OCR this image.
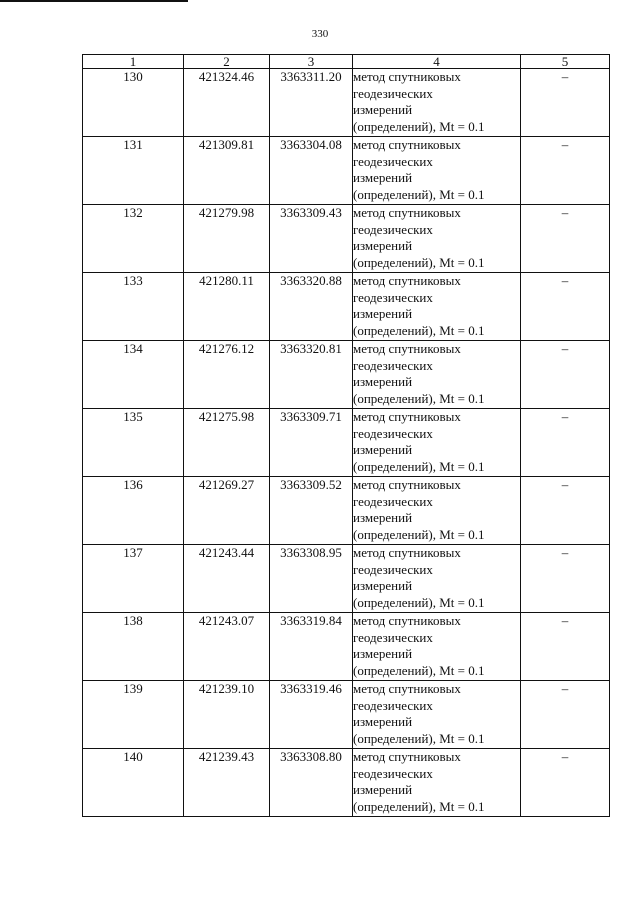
330
1	2	3	4	5
130	421324.46	3363311.20	метод спутниковых
геодезических
измерений
(определений), Mt = 0.1	–
131	421309.81	3363304.08	метод спутниковых
геодезических
измерений
(определений), Mt = 0.1	–
132	421279.98	3363309.43	метод спутниковых
геодезических
измерений
(определений), Mt = 0.1	–
133	421280.11	3363320.88	метод спутниковых
геодезических
измерений
(определений), Mt = 0.1	–
134	421276.12	3363320.81	метод спутниковых
геодезических
измерений
(определений), Mt = 0.1	–
135	421275.98	3363309.71	метод спутниковых
геодезических
измерений
(определений), Mt = 0.1	–
136	421269.27	3363309.52	метод спутниковых
геодезических
измерений
(определений), Mt = 0.1	–
137	421243.44	3363308.95	метод спутниковых
геодезических
измерений
(определений), Mt = 0.1	–
138	421243.07	3363319.84	метод спутниковых
геодезических
измерений
(определений), Mt = 0.1	–
139	421239.10	3363319.46	метод спутниковых
геодезических
измерений
(определений), Mt = 0.1	–
140	421239.43	3363308.80	метод спутниковых
геодезических
измерений
(определений), Mt = 0.1	–
